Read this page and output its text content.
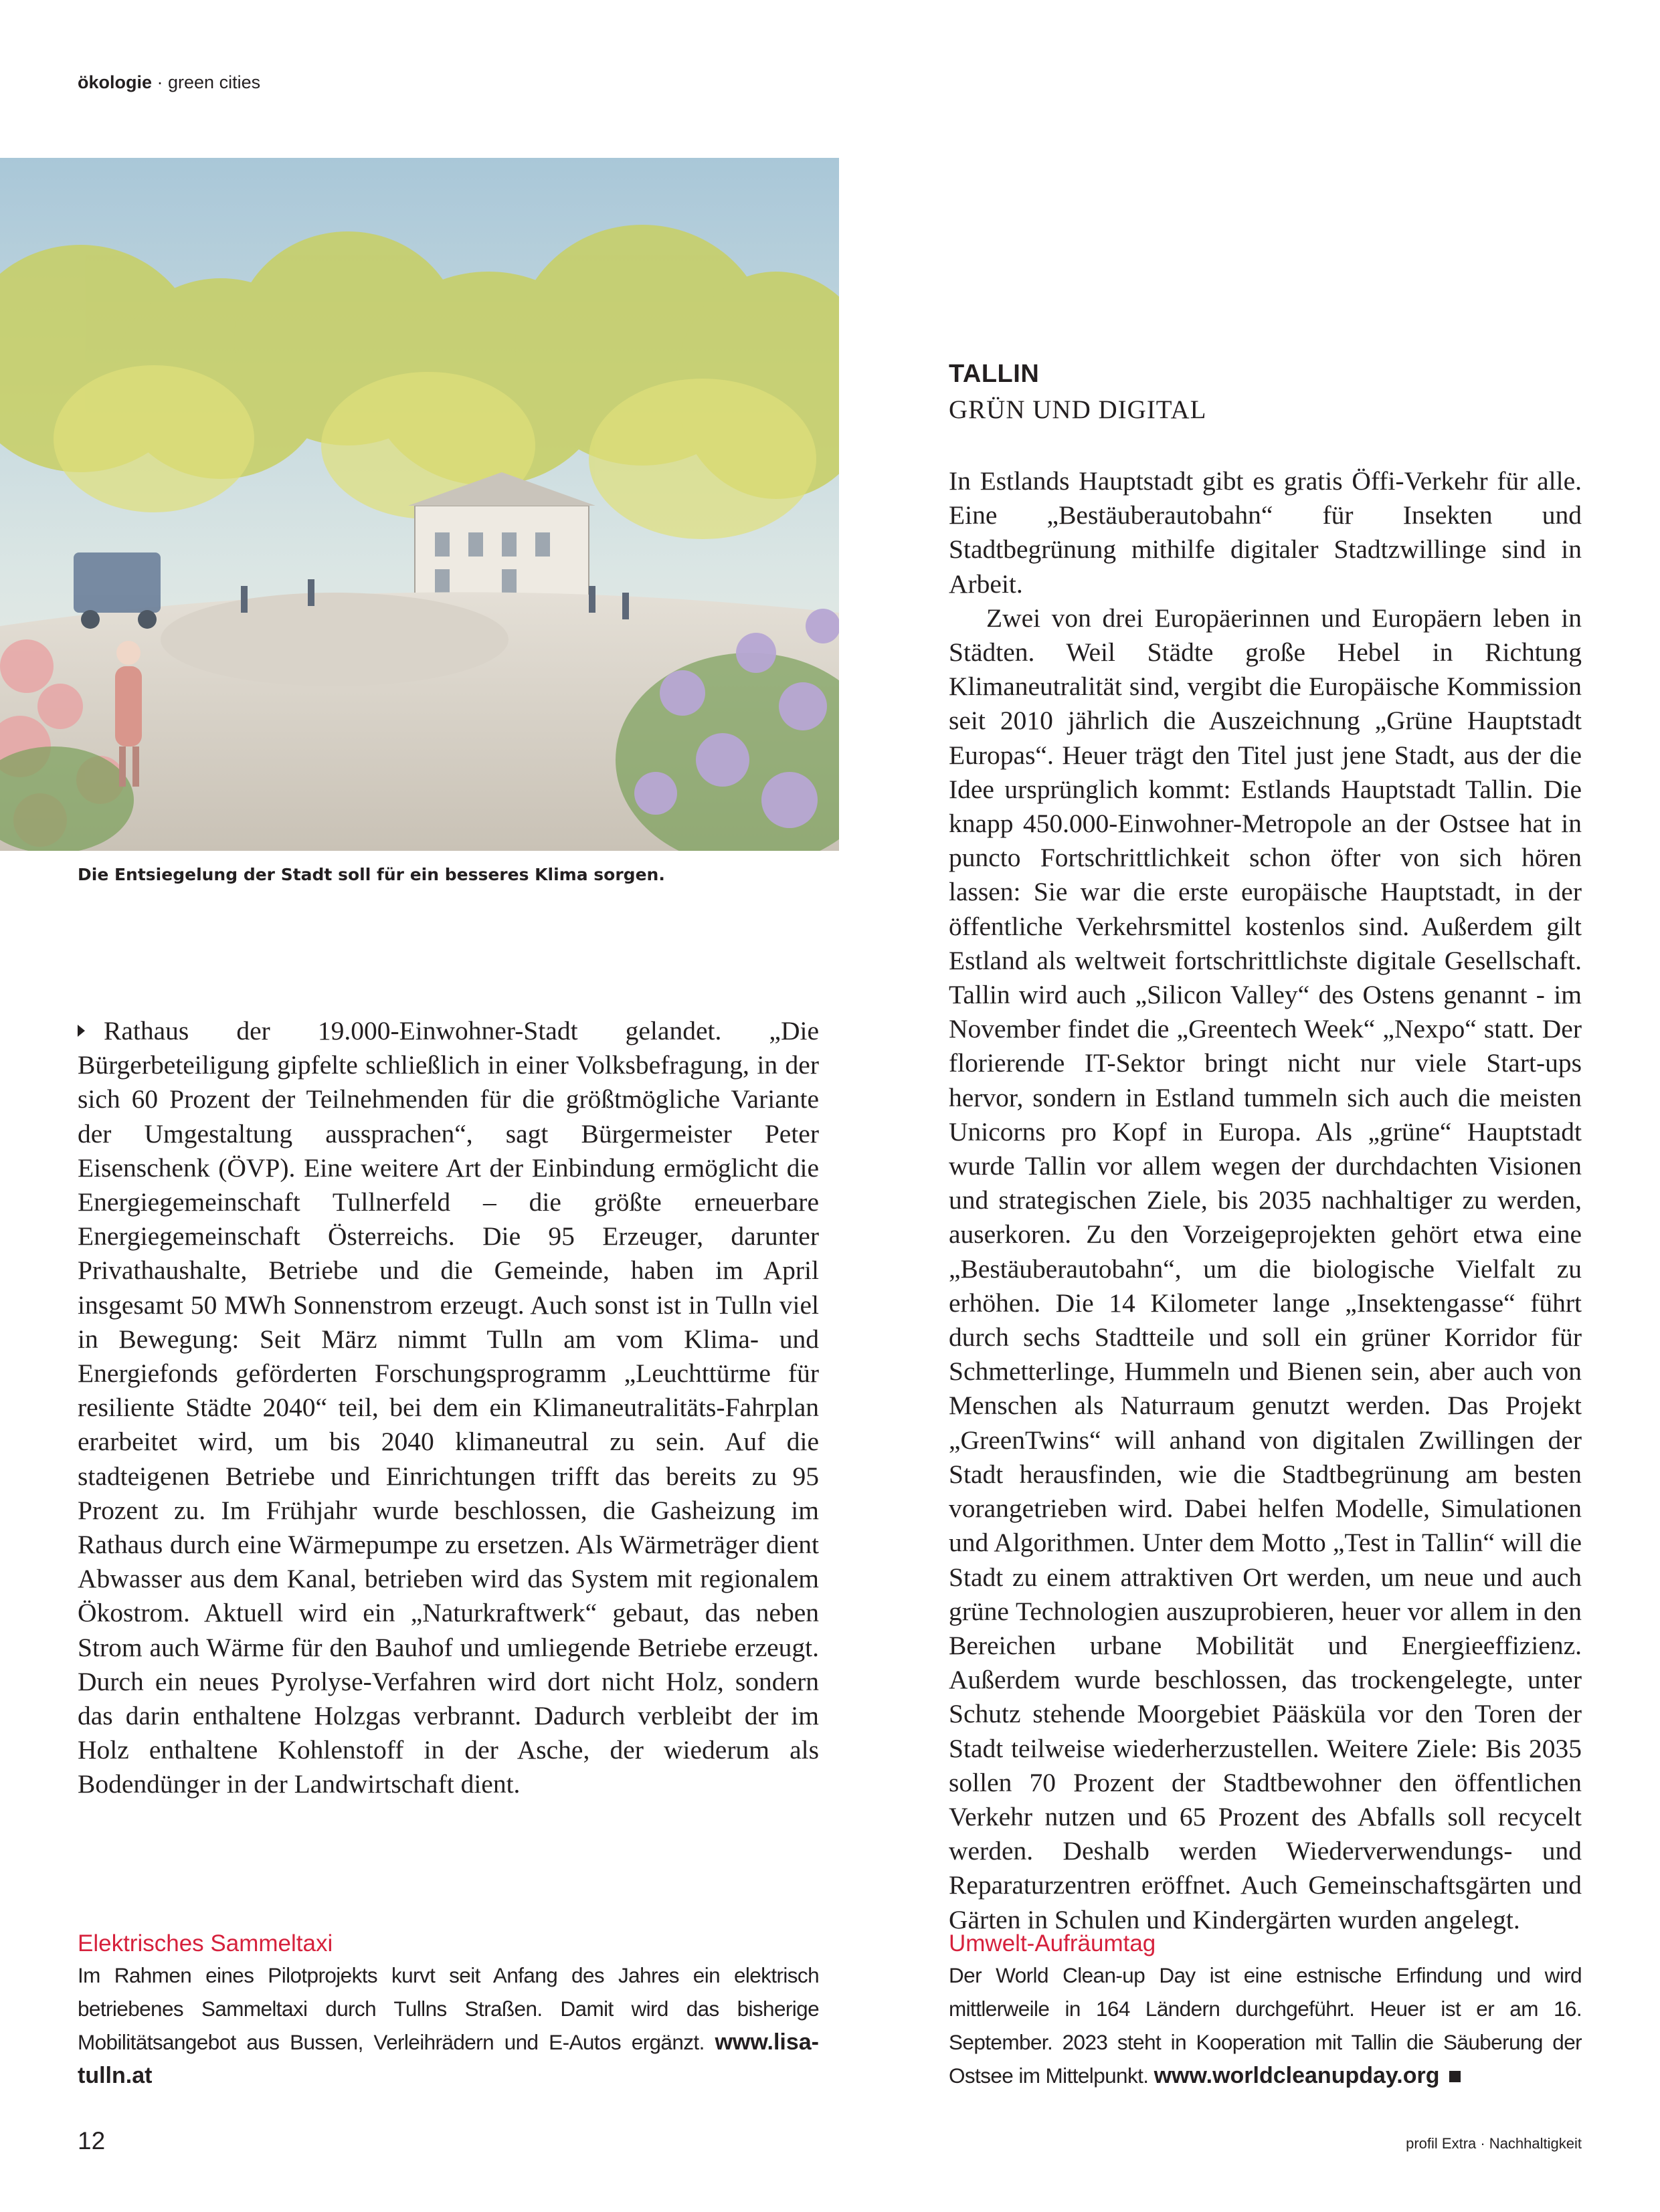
ökologie · green cities
Die Entsiegelung der Stadt soll für ein besseres Klima sorgen.

Rathaus der 19.000-Einwohner-Stadt gelandet. „Die Bürgerbeteiligung gipfelte schließlich in einer Volksbefragung, in der sich 60 Prozent der Teilnehmenden für die größtmögliche Variante der Umgestaltung aussprachen“, sagt Bürgermeister Peter Eisenschenk (ÖVP). Eine weitere Art der Einbindung ermöglicht die Energiegemeinschaft Tullnerfeld – die größte erneuerbare Energiegemeinschaft Österreichs. Die 95 Erzeuger, darunter Privathaushalte, Betriebe und die Gemeinde, haben im April insgesamt 50 MWh Sonnenstrom erzeugt. Auch sonst ist in Tulln viel in Bewegung: Seit März nimmt Tulln am vom Klima- und Energiefonds geförderten Forschungsprogramm „Leuchttürme für resiliente Städte 2040“ teil, bei dem ein Klimaneutralitäts-Fahrplan erarbeitet wird, um bis 2040 klimaneutral zu sein. Auf die stadteigenen Betriebe und Einrichtungen trifft das bereits zu 95 Prozent zu. Im Frühjahr wurde beschlossen, die Gasheizung im Rathaus durch eine Wärmepumpe zu ersetzen. Als Wärmeträger dient Abwasser aus dem Kanal, betrieben wird das System mit regionalem Ökostrom. Aktuell wird ein „Naturkraftwerk“ gebaut, das neben Strom auch Wärme für den Bauhof und umliegende Betriebe erzeugt. Durch ein neues Pyrolyse-Verfahren wird dort nicht Holz, sondern das darin enthaltene Holzgas verbrannt. Dadurch verbleibt der im Holz enthaltene Kohlenstoff in der Asche, der wiederum als Bodendünger in der Landwirtschaft dient.

TALLIN
GRÜN UND DIGITAL

In Estlands Hauptstadt gibt es gratis Öffi-Verkehr für alle. Eine „Bestäuberautobahn“ für Insekten und Stadtbegrünung mithilfe digitaler Stadtzwillinge sind in Arbeit.

Zwei von drei Europäerinnen und Europäern leben in Städten. Weil Städte große Hebel in Richtung Klimaneutralität sind, vergibt die Europäische Kommission seit 2010 jährlich die Auszeichnung „Grüne Hauptstadt Europas“. Heuer trägt den Titel just jene Stadt, aus der die Idee ursprünglich kommt: Estlands Hauptstadt Tallin. Die knapp 450.000-Einwohner-Metropole an der Ostsee hat in puncto Fortschrittlichkeit schon öfter von sich hören lassen: Sie war die erste europäische Hauptstadt, in der öffentliche Verkehrsmittel kostenlos sind. Außerdem gilt Estland als weltweit fortschrittlichste digitale Gesellschaft. Tallin wird auch „Silicon Valley“ des Ostens genannt - im November findet die „Greentech Week“ „Nexpo“ statt. Der florierende IT-Sektor bringt nicht nur viele Start-ups hervor, sondern in Estland tummeln sich auch die meisten Unicorns pro Kopf in Europa. Als „grüne“ Hauptstadt wurde Tallin vor allem wegen der durchdachten Visionen und strategischen Ziele, bis 2035 nachhaltiger zu werden, auserkoren. Zu den Vorzeigeprojekten gehört etwa eine „Bestäuberautobahn“, um die biologische Vielfalt zu erhöhen. Die 14 Kilometer lange „Insektengasse“ führt durch sechs Stadtteile und soll ein grüner Korridor für Schmetterlinge, Hummeln und Bienen sein, aber auch von Menschen als Naturraum genutzt werden. Das Projekt „GreenTwins“ will anhand von digitalen Zwillingen der Stadt herausfinden, wie die Stadtbegrünung am besten vorangetrieben wird. Dabei helfen Modelle, Simulationen und Algorithmen. Unter dem Motto „Test in Tallin“ will die Stadt zu einem attraktiven Ort werden, um neue und auch grüne Technologien auszuprobieren, heuer vor allem in den Bereichen urbane Mobilität und Energieeffizienz. Außerdem wurde beschlossen, das trockengelegte, unter Schutz stehende Moorgebiet Pääsküla vor den Toren der Stadt teilweise wiederherzustellen. Weitere Ziele: Bis 2035 sollen 70 Prozent der Stadtbewohner den öffentlichen Verkehr nutzen und 65 Prozent des Abfalls soll recycelt werden. Deshalb werden Wiederverwendungs- und Reparaturzentren eröffnet. Auch Gemeinschaftsgärten und Gärten in Schulen und Kindergärten wurden angelegt.

Elektrisches Sammeltaxi
Im Rahmen eines Pilotprojekts kurvt seit Anfang des Jahres ein elektrisch betriebenes Sammeltaxi durch Tullns Straßen. Damit wird das bisherige Mobilitätsangebot aus Bussen, Verleihrädern und E-Autos ergänzt. www.lisa-tulln.at
Umwelt-Aufräumtag
Der World Clean-up Day ist eine estnische Erfindung und wird mittlerweile in 164 Ländern durchgeführt. Heuer ist er am 16. September. 2023 steht in Kooperation mit Tallin die Säuberung der Ostsee im Mittelpunkt. www.worldcleanupday.org
12	profil Extra · Nachhaltigkeit
